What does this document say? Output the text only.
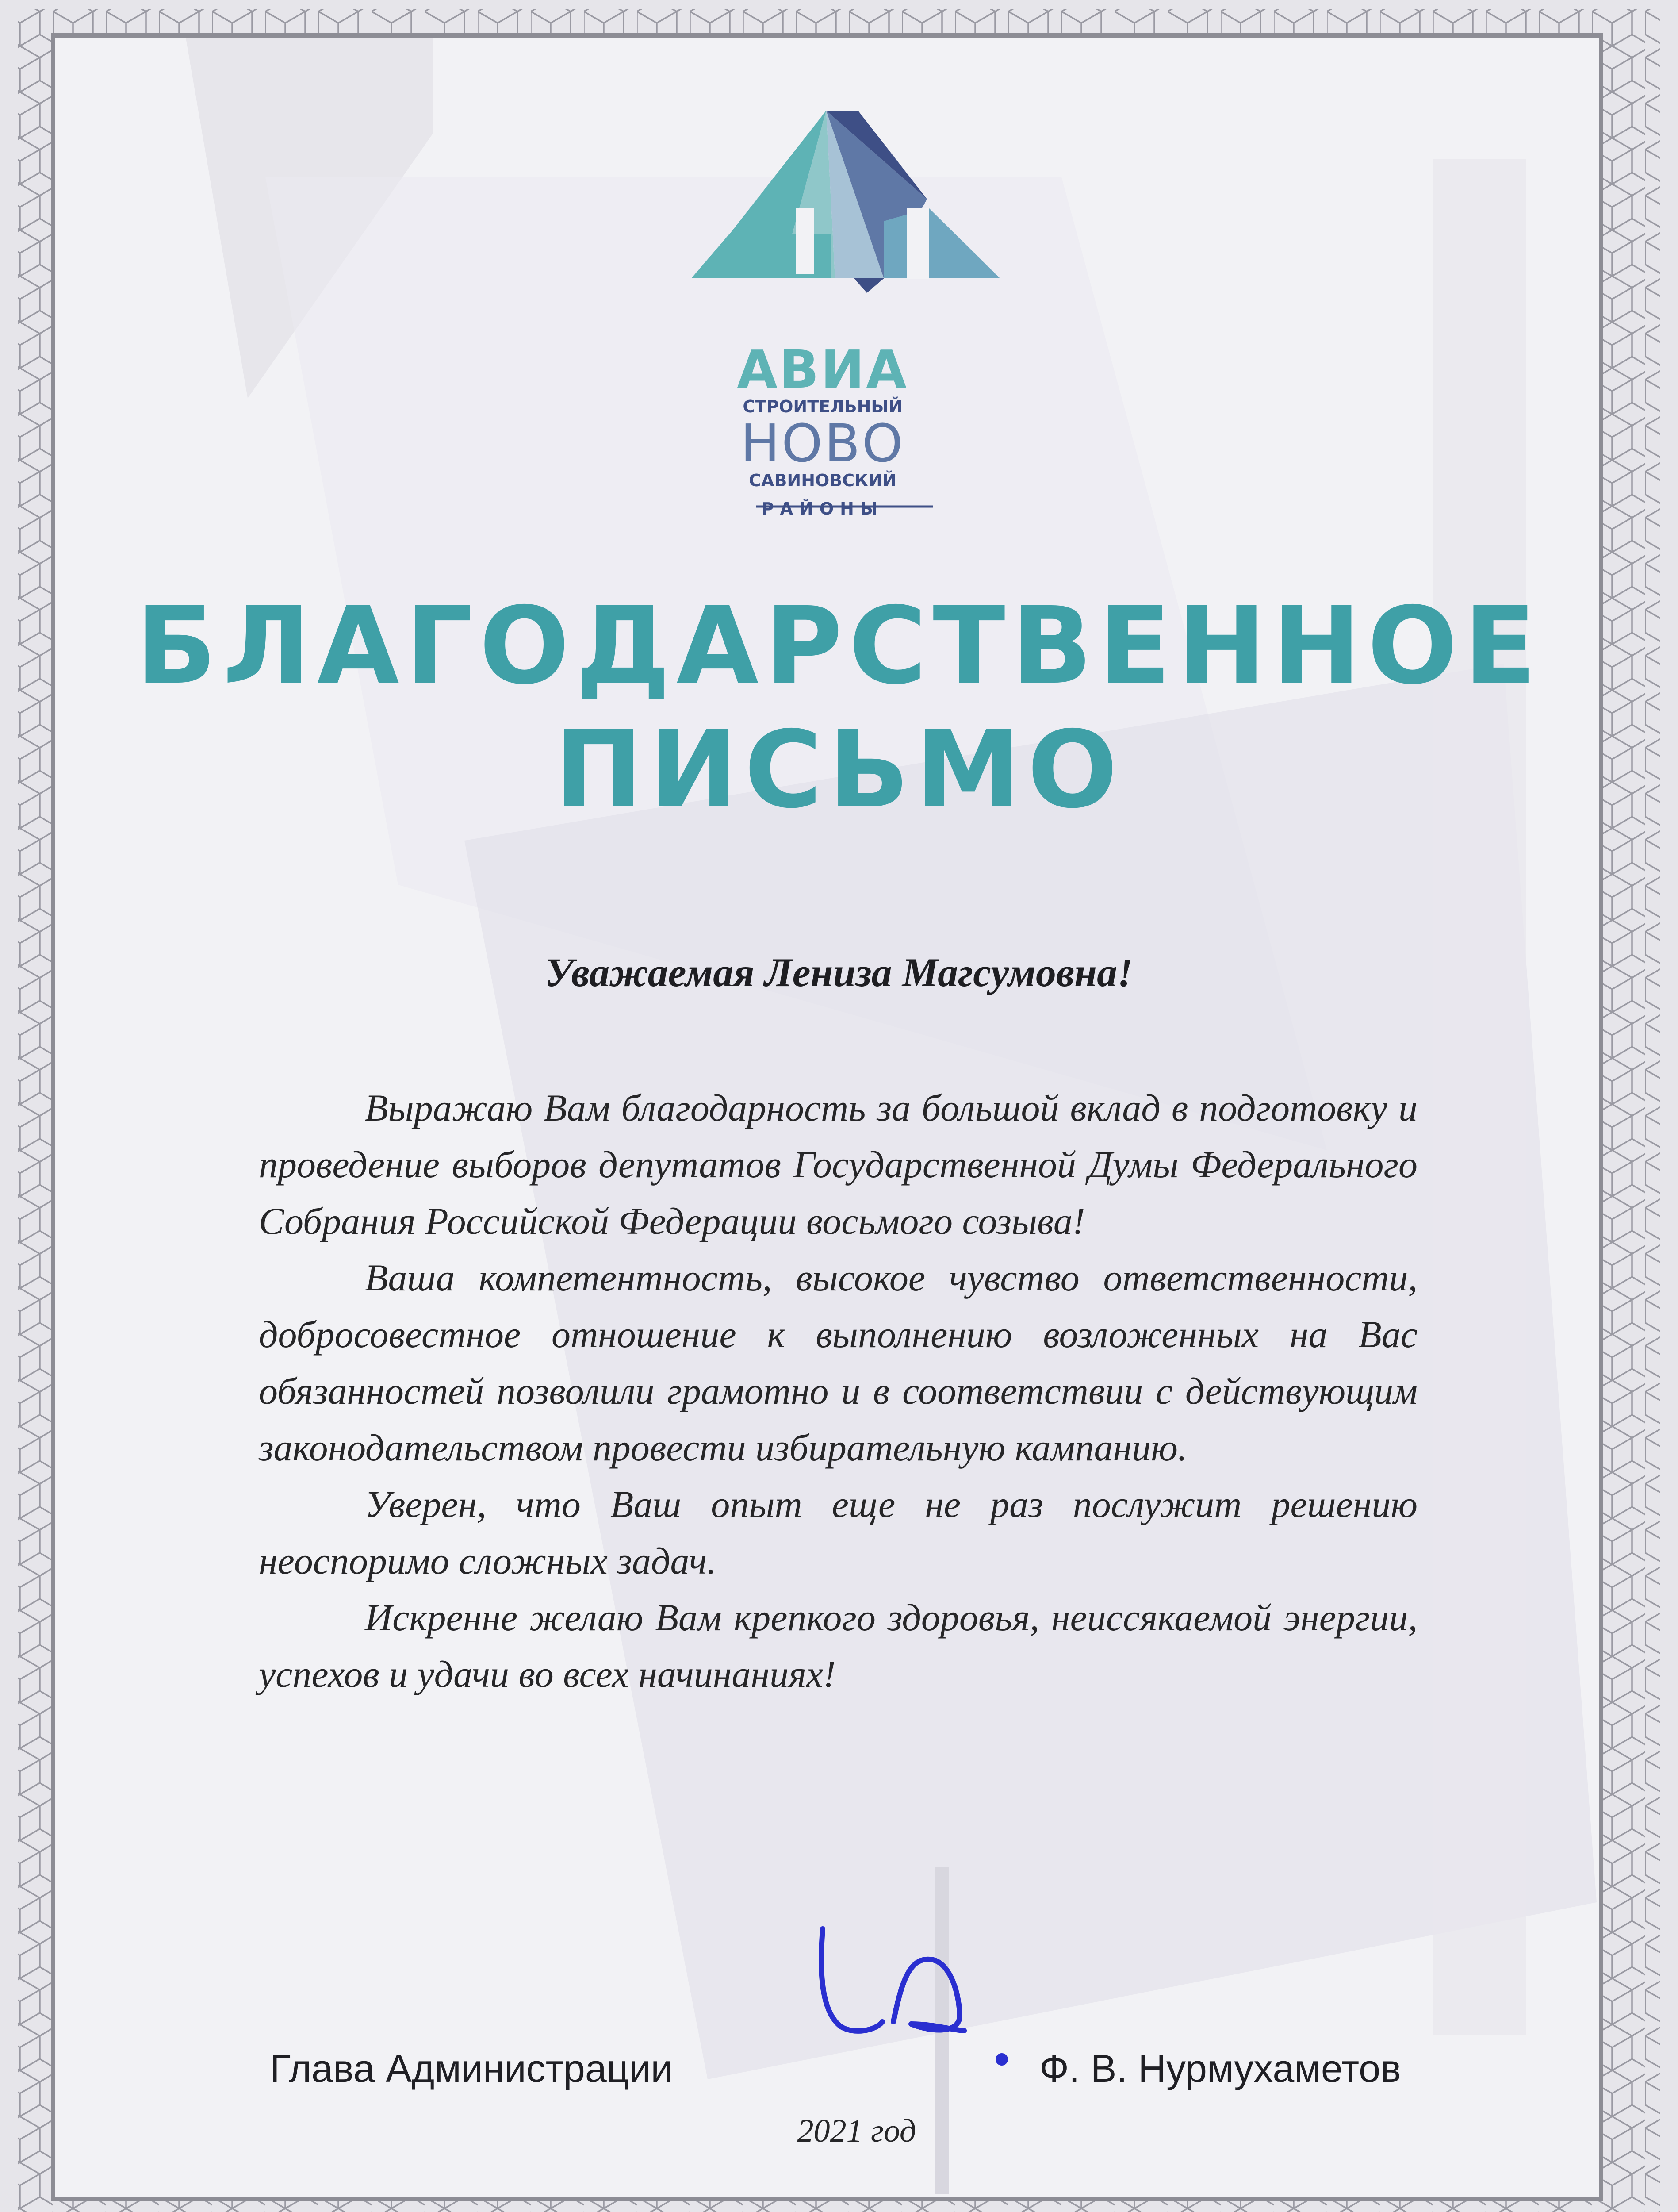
АВИА
СТРОИТЕЛЬНЫЙ
НОВО
САВИНОВСКИЙ
РАЙОНЫ
БЛАГОДАРСТВЕННОЕ
ПИСЬМО
Уважаемая Лениза Магсумовна!

Выражаю Вам благодарность за большой вклад в подготовку и проведение выборов депутатов Государственной Думы Федерального Собрания Российской Федерации восьмого созыва!

Ваша компетентность, высокое чувство ответственности, добросовестное отношение к выполнению возложенных на Вас обязанностей позволили грамотно и в соответствии с действующим законодательством провести избирательную кампанию.

Уверен, что Ваш опыт еще не раз послужит решению неоспоримо сложных задач.

Искренне желаю Вам крепкого здоровья, неиссякаемой энергии, успехов и удачи во всех начинаниях!

Глава Администрации	Ф. В. Нурмухаметов
2021 год
